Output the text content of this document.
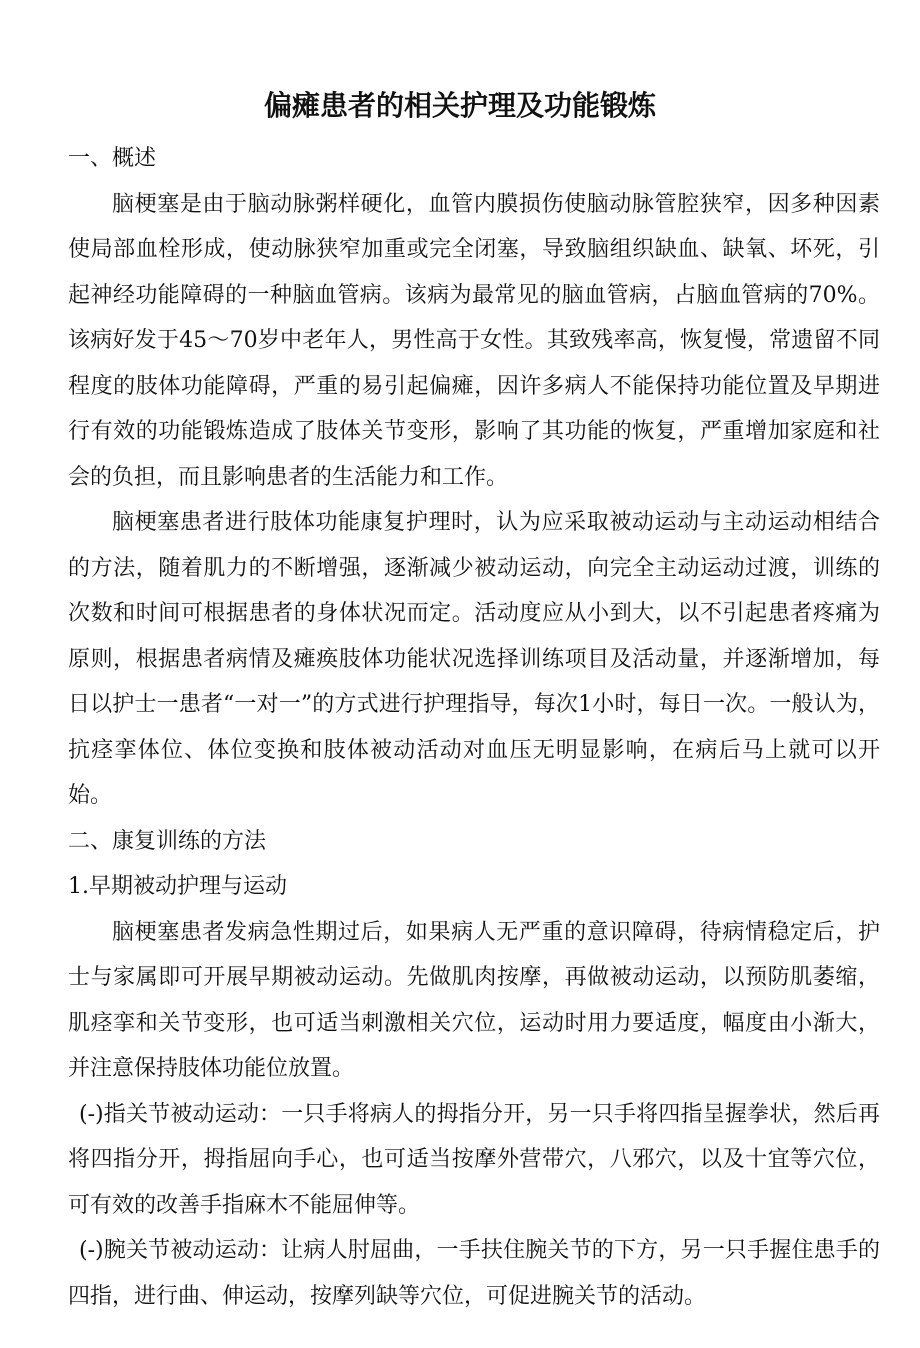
偏瘫患者的相关护理及功能锻炼

一、概述

脑梗塞是由于脑动脉粥样硬化，血管内膜损伤使脑动脉管腔狭窄，因多种因素使局部血栓形成，使动脉狭窄加重或完全闭塞，导致脑组织缺血、缺氧、坏死，引起神经功能障碍的一种脑血管病。该病为最常见的脑血管病，占脑血管病的70%。该病好发于45～70岁中老年人，男性高于女性。其致残率高，恢复慢，常遗留不同程度的肢体功能障碍，严重的易引起偏瘫，因许多病人不能保持功能位置及早期进行有效的功能锻炼造成了肢体关节变形，影响了其功能的恢复，严重增加家庭和社会的负担，而且影响患者的生活能力和工作。

脑梗塞患者进行肢体功能康复护理时，认为应采取被动运动与主动运动相结合的方法，随着肌力的不断增强，逐渐减少被动运动，向完全主动运动过渡，训练的次数和时间可根据患者的身体状况而定。活动度应从小到大，以不引起患者疼痛为原则，根据患者病情及瘫痪肢体功能状况选择训练项目及活动量，并逐渐增加，每日以护士一患者“一对一”的方式进行护理指导，每次1小时，每日一次。一般认为，抗痉挛体位、体位变换和肢体被动活动对血压无明显影响，在病后马上就可以开始。

二、康复训练的方法

1.早期被动护理与运动

脑梗塞患者发病急性期过后，如果病人无严重的意识障碍，待病情稳定后，护士与家属即可开展早期被动运动。先做肌肉按摩，再做被动运动，以预防肌萎缩，肌痉挛和关节变形，也可适当刺激相关穴位，运动时用力要适度，幅度由小渐大，并注意保持肢体功能位放置。

(-)指关节被动运动：一只手将病人的拇指分开，另一只手将四指呈握拳状，然后再将四指分开，拇指屈向手心，也可适当按摩外营带穴，八邪穴，以及十宜等穴位，可有效的改善手指麻木不能屈伸等。

(-)腕关节被动运动：让病人肘屈曲，一手扶住腕关节的下方，另一只手握住患手的四指，进行曲、伸运动，按摩列缺等穴位，可促进腕关节的活动。
